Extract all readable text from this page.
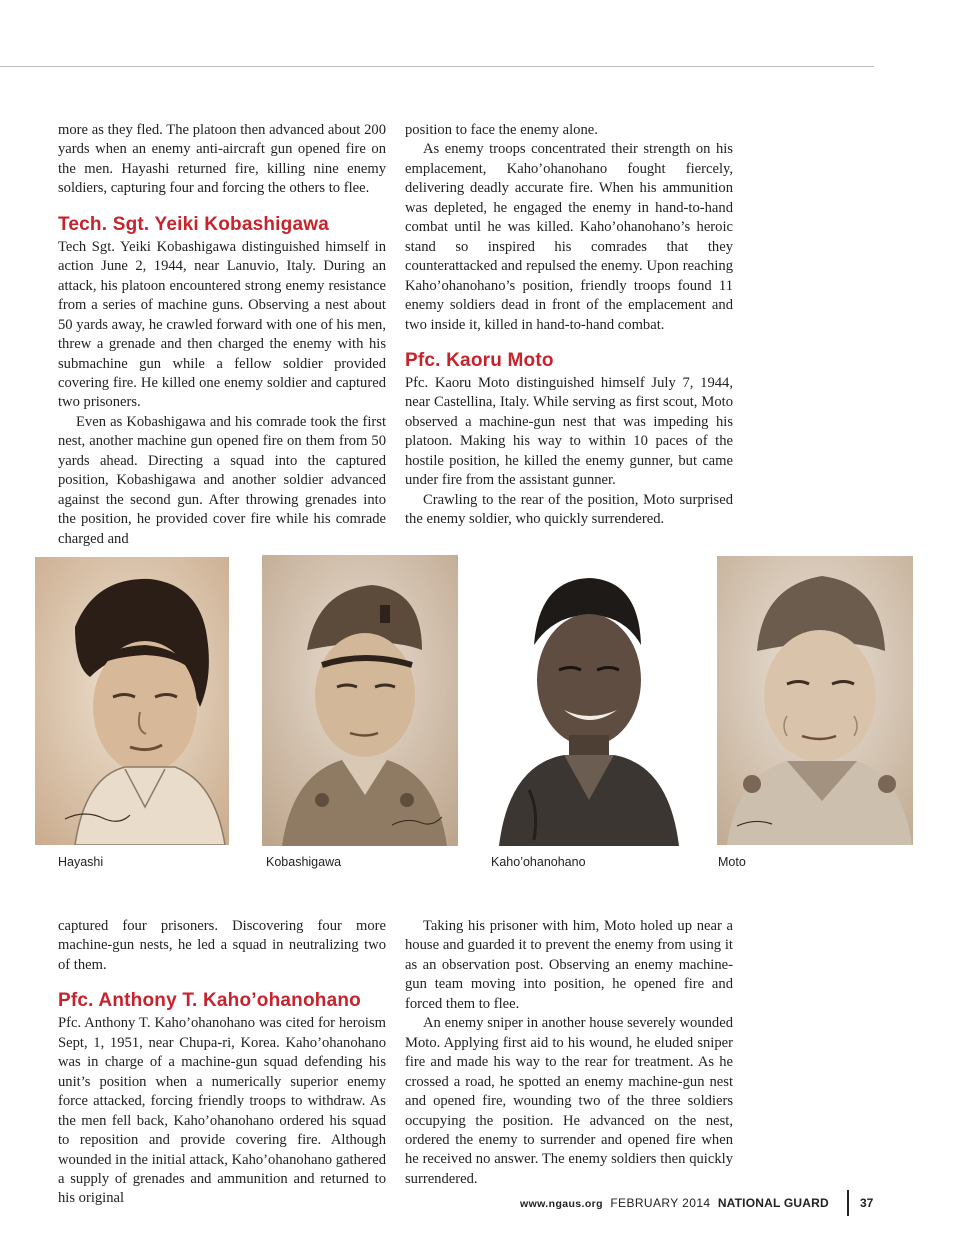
more as they fled. The platoon then advanced about 200 yards when an enemy anti-aircraft gun opened fire on the men. Hayashi returned fire, killing nine enemy soldiers, capturing four and forcing the others to flee.

Tech. Sgt. Yeiki Kobashigawa

Tech Sgt. Yeiki Kobashigawa distinguished himself in action June 2, 1944, near Lanuvio, Italy. During an attack, his platoon encountered strong enemy resistance from a series of machine guns. Observing a nest about 50 yards away, he crawled forward with one of his men, threw a grenade and then charged the enemy with his submachine gun while a fellow soldier provided covering fire. He killed one enemy soldier and captured two prisoners.

Even as Kobashigawa and his comrade took the first nest, another machine gun opened fire on them from 50 yards ahead. Directing a squad into the captured position, Kobashigawa and another soldier advanced against the second gun. After throwing grenades into the position, he provided cover fire while his comrade charged and

position to face the enemy alone.

As enemy troops concentrated their strength on his emplacement, Kaho’ohanohano fought fiercely, delivering deadly accurate fire. When his ammunition was depleted, he engaged the enemy in hand-to-hand combat until he was killed. Kaho’ohanohano’s heroic stand so inspired his comrades that they counterattacked and repulsed the enemy. Upon reaching Kaho’ohanohano’s position, friendly troops found 11 enemy soldiers dead in front of the emplacement and two inside it, killed in hand-to-hand combat.

Pfc. Kaoru Moto

Pfc. Kaoru Moto distinguished himself July 7, 1944, near Castellina, Italy. While serving as first scout, Moto observed a machine-gun nest that was impeding his platoon. Making his way to within 10 paces of the hostile position, he killed the enemy gunner, but came under fire from the assistant gunner.

Crawling to the rear of the position, Moto surprised the enemy soldier, who quickly surrendered.

Hayashi	Kobashigawa	Kaho’ohanohano	Moto

captured four prisoners. Discovering four more machine-gun nests, he led a squad in neutralizing two of them.

Pfc. Anthony T. Kaho’ohanohano

Pfc. Anthony T. Kaho’ohanohano was cited for heroism Sept, 1, 1951, near Chupa-ri, Korea. Kaho’ohanohano was in charge of a machine-gun squad defending his unit’s position when a numerically superior enemy force attacked, forcing friendly troops to withdraw. As the men fell back, Kaho’ohanohano ordered his squad to reposition and provide covering fire. Although wounded in the initial attack, Kaho’ohanohano gathered a supply of grenades and ammunition and returned to his original

Taking his prisoner with him, Moto holed up near a house and guarded it to prevent the enemy from using it as an observation post. Observing an enemy machine-gun team moving into position, he opened fire and forced them to flee.

An enemy sniper in another house severely wounded Moto. Applying first aid to his wound, he eluded sniper fire and made his way to the rear for treatment. As he crossed a road, he spotted an enemy machine-gun nest and opened fire, wounding two of the three soldiers occupying the position. He advanced on the nest, ordered the enemy to surrender and opened fire when he received no answer. The enemy soldiers then quickly surrendered.

www.ngaus.org FEBRUARY 2014 NATIONAL GUARD	37
